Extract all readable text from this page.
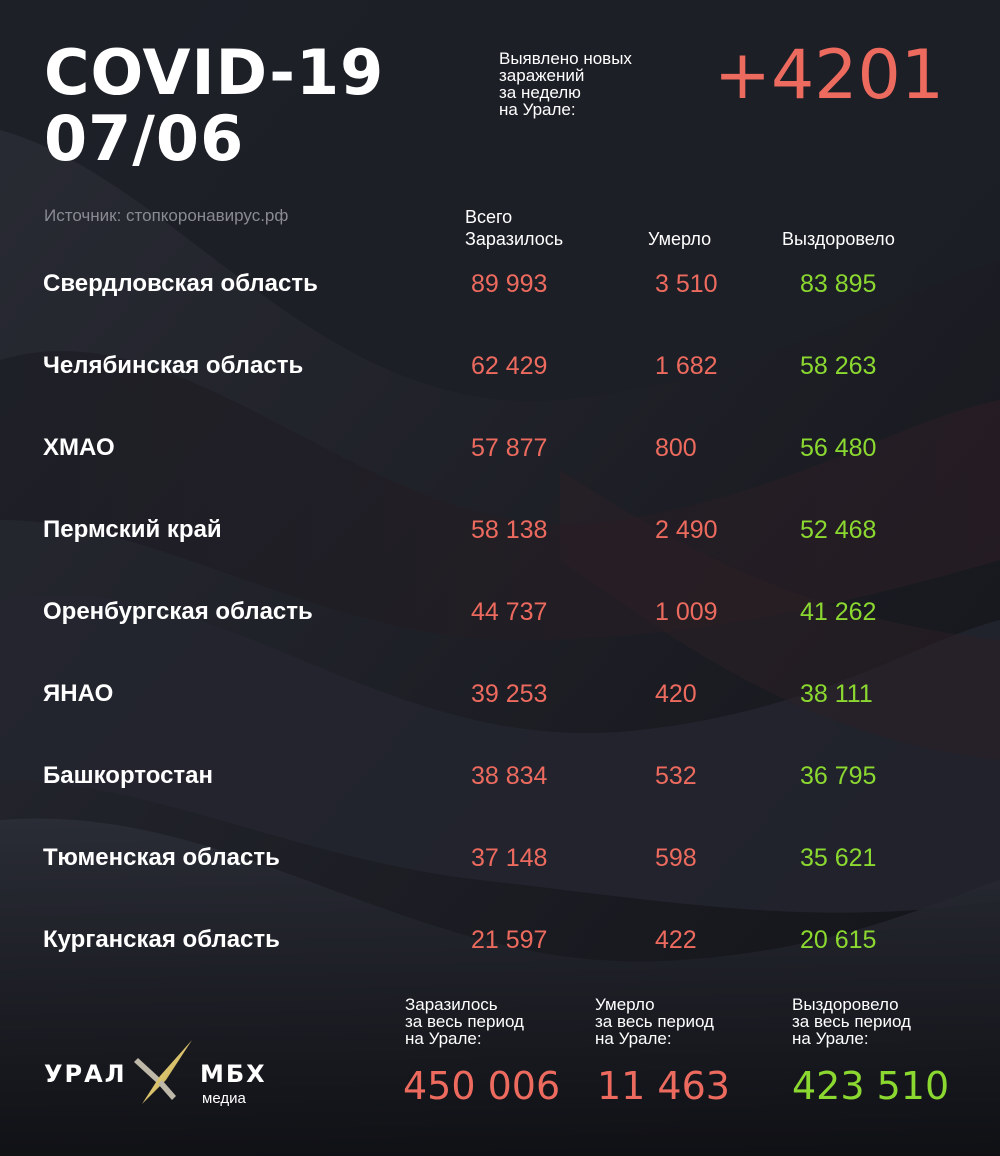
COVID-19
07/06
Выявлено новых
заражений
за неделю
на Урале:	+4201
Источник: стопкоронавирус.рф	Всего
Заразилось	Умерло	Выздоровело
Свердловская область	89 993	3 510	83 895
Челябинская область	62 429	1 682	58 263
ХМАО	57 877	800	56 480
Пермский край	58 138	2 490	52 468
Оренбургская область	44 737	1 009	41 262
ЯНАО	39 253	420	38 111
Башкортостан	38 834	532	36 795
Тюменская область	37 148	598	35 621
Курганская область	21 597	422	20 615
Заразилось
за весь период
на Урале:
450 006
Умерло
за весь период
на Урале:
11 463
Выздоровело
за весь период
на Урале:
423 510
УРАЛ	МБХ
медиа
